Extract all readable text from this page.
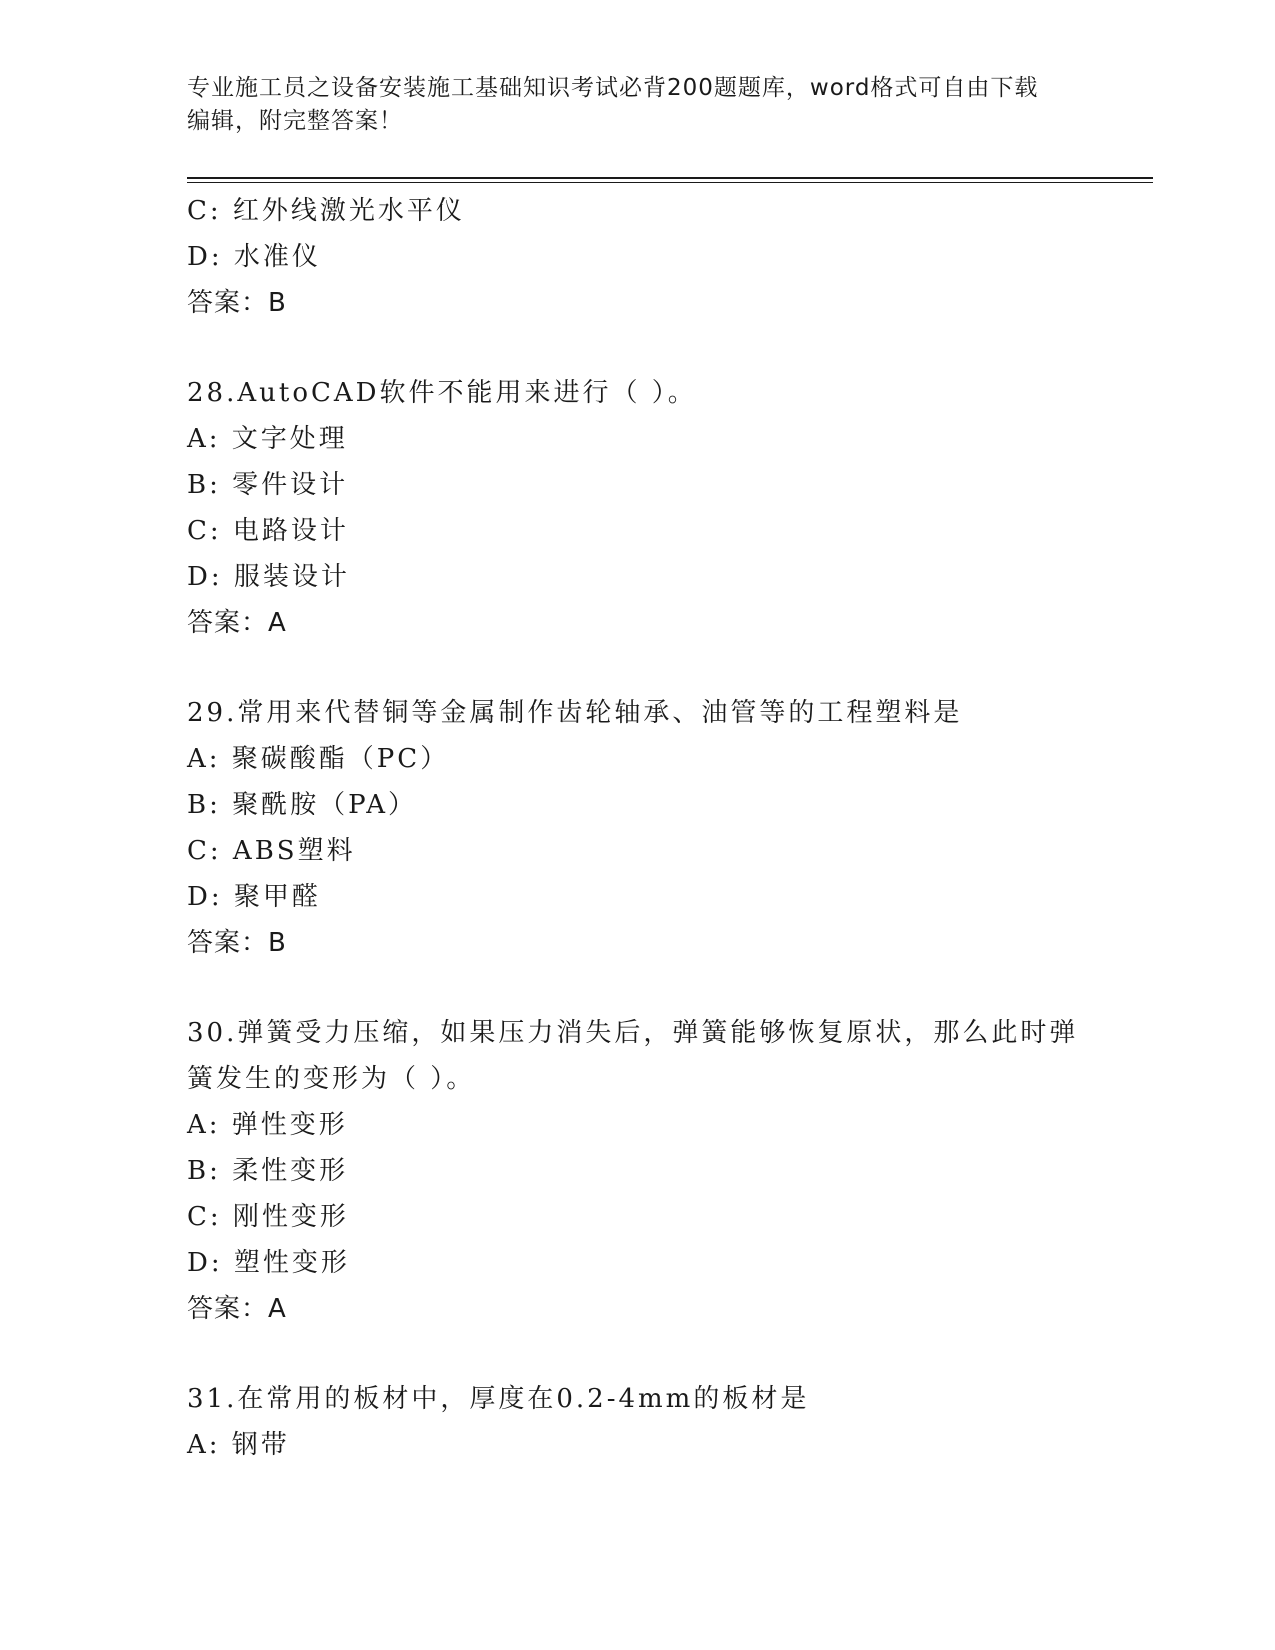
专业施工员之设备安装施工基础知识考试必背200题题库，word格式可自由下载
编辑，附完整答案！
C: 红外线激光水平仪
D: 水准仪
答案：B
28.AutoCAD软件不能用来进行（ ）。
A: 文字处理
B: 零件设计
C: 电路设计
D: 服装设计
答案：A
29.常用来代替铜等金属制作齿轮轴承、油管等的工程塑料是
A: 聚碳酸酯（PC）
B: 聚酰胺（PA）
C: ABS塑料
D: 聚甲醛
答案：B
30.弹簧受力压缩，如果压力消失后，弹簧能够恢复原状，那么此时弹
簧发生的变形为（ ）。
A: 弹性变形
B: 柔性变形
C: 刚性变形
D: 塑性变形
答案：A
31.在常用的板材中，厚度在0.2-4mm的板材是
A: 钢带
